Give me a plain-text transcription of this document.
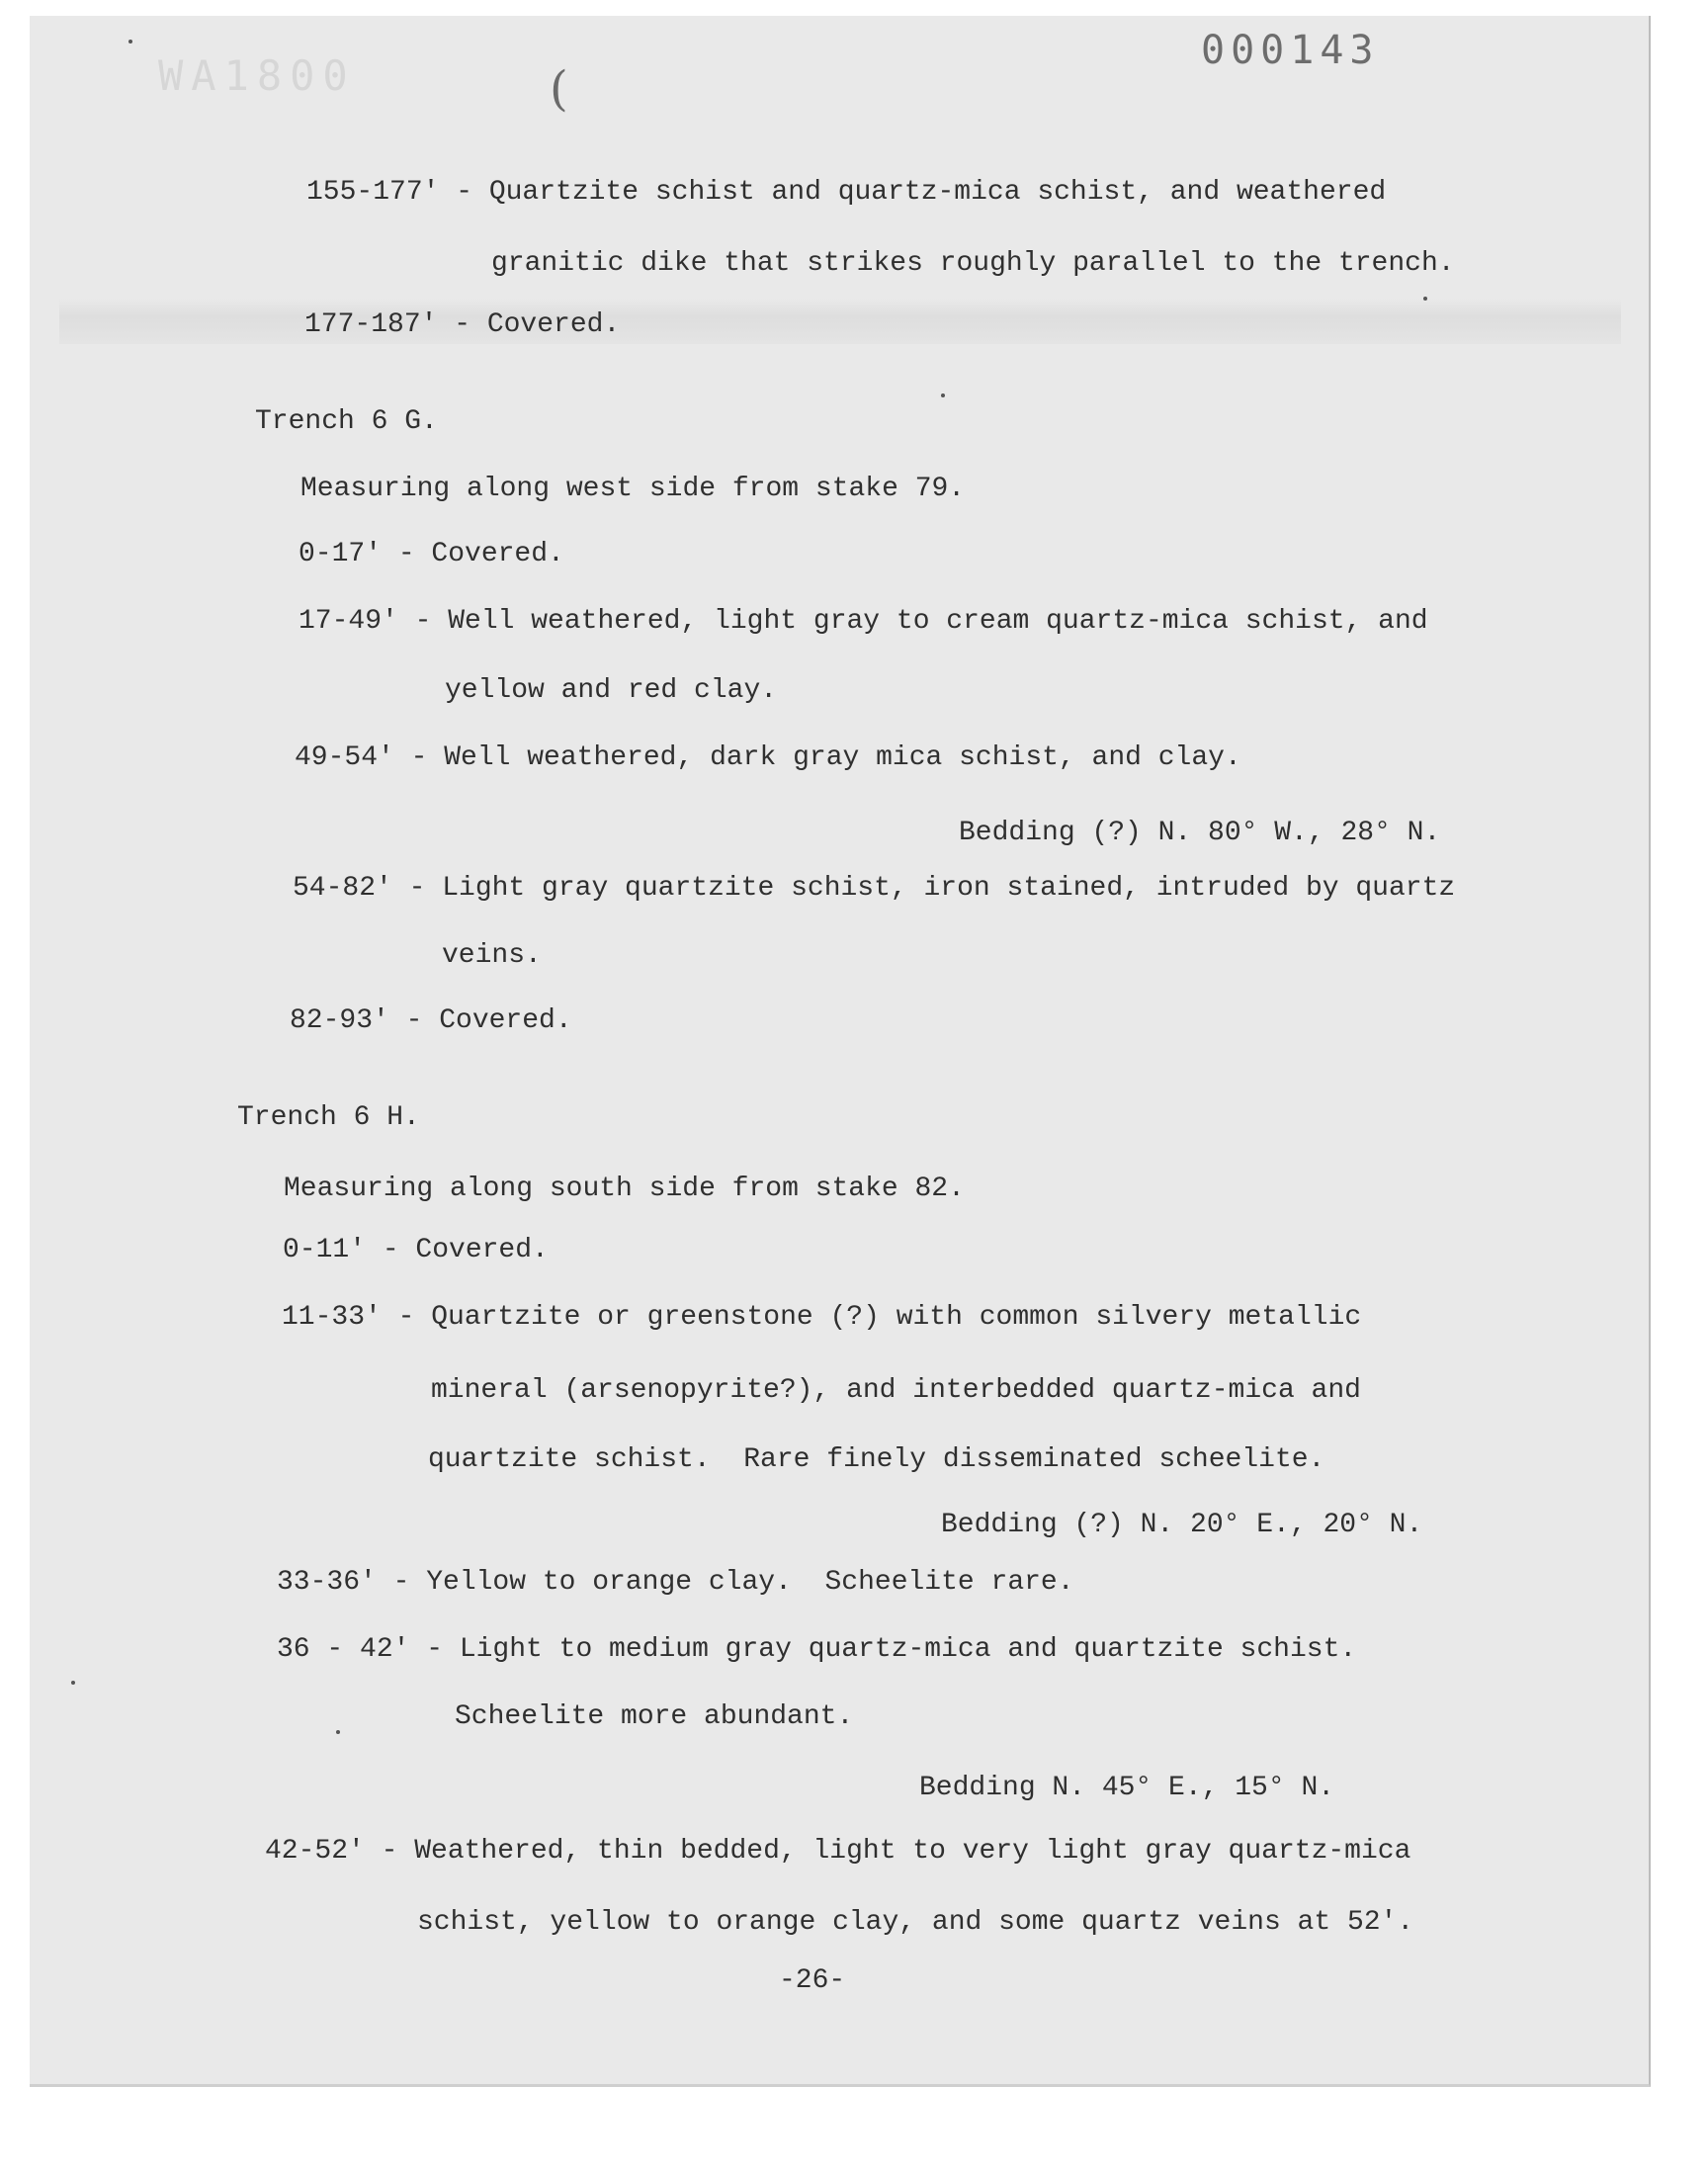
WA1800
000143
(
155-177' - Quartzite schist and quartz-mica schist, and weathered
granitic dike that strikes roughly parallel to the trench.
177-187' - Covered.
Trench 6 G.
Measuring along west side from stake 79.
0-17' - Covered.
17-49' - Well weathered, light gray to cream quartz-mica schist, and
yellow and red clay.
49-54' - Well weathered, dark gray mica schist, and clay.
Bedding (?) N. 80° W., 28° N.
54-82' - Light gray quartzite schist, iron stained, intruded by quartz
veins.
82-93' - Covered.
Trench 6 H.
Measuring along south side from stake 82.
0-11' - Covered.
11-33' - Quartzite or greenstone (?) with common silvery metallic
mineral (arsenopyrite?), and interbedded quartz-mica and
quartzite schist.  Rare finely disseminated scheelite.
Bedding (?) N. 20° E., 20° N.
33-36' - Yellow to orange clay.  Scheelite rare.
36 - 42' - Light to medium gray quartz-mica and quartzite schist.
Scheelite more abundant.
Bedding N. 45° E., 15° N.
42-52' - Weathered, thin bedded, light to very light gray quartz-mica
schist, yellow to orange clay, and some quartz veins at 52'.
-26-
